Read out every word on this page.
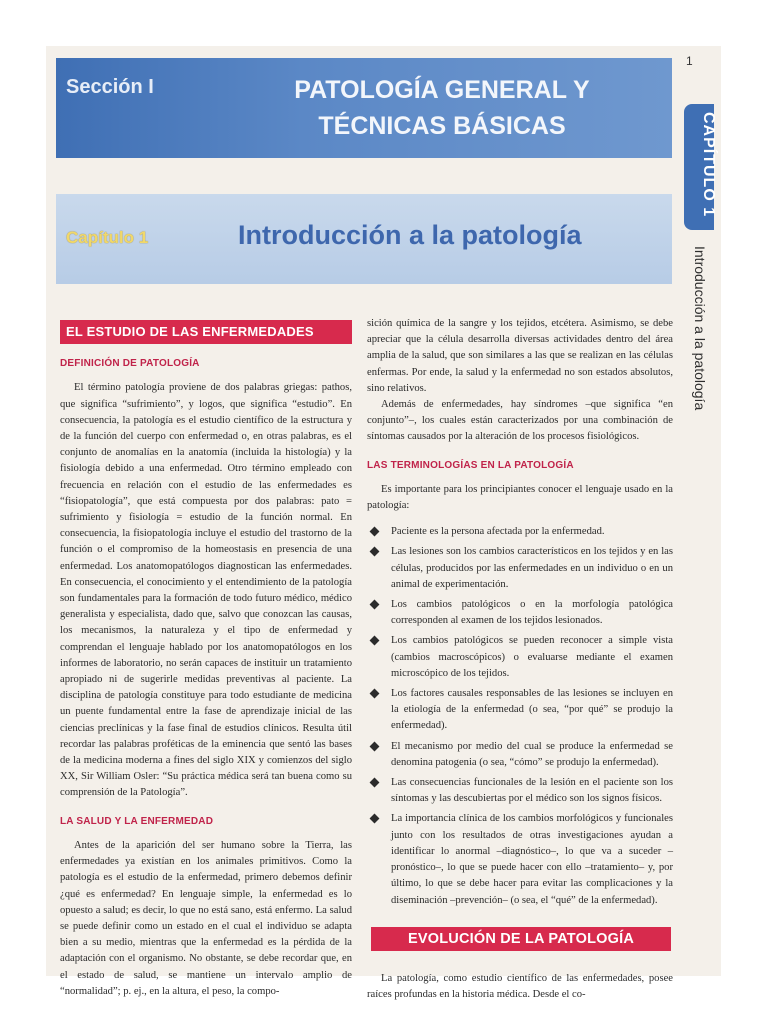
1
Sección I	PATOLOGÍA GENERAL Y
TÉCNICAS BÁSICAS
Capítulo 1	Introducción a la patología
CAPÍTULO 1
Introducción a la patología
EL ESTUDIO DE LAS ENFERMEDADES
DEFINICIÓN DE PATOLOGÍA

El término patología proviene de dos palabras griegas: pathos, que significa “sufrimiento”, y logos, que significa “estudio”. En consecuencia, la patología es el estudio científico de la estructura y de la función del cuerpo con enfermedad o, en otras palabras, es el conjunto de anomalías en la anatomía (incluida la histología) y la fisiología debido a una enfermedad. Otro término empleado con frecuencia en relación con el estudio de las enfermedades es “fisiopatología”, que está compuesta por dos palabras: pato = sufrimiento y fisiología = estudio de la función normal. En consecuencia, la fisiopatología incluye el estudio del trastorno de la función o el compromiso de la homeostasis en presencia de una enfermedad. Los anatomopatólogos diagnostican las enfermedades. En consecuencia, el conocimiento y el entendimiento de la patología son fundamentales para la formación de todo futuro médico, médico generalista y especialista, dado que, salvo que conozcan las causas, los mecanismos, la naturaleza y el tipo de enfermedad y comprendan el lenguaje hablado por los anatomopatólogos en los informes de laboratorio, no serán capaces de instituir un tratamiento apropiado ni de sugerirle medidas preventivas al paciente. La disciplina de patología constituye para todo estudiante de medicina un puente fundamental entre la fase de aprendizaje inicial de las ciencias preclínicas y la fase final de estudios clínicos. Resulta útil recordar las palabras proféticas de la eminencia que sentó las bases de la medicina moderna a fines del siglo XIX y comienzos del siglo XX, Sir William Osler: “Su práctica médica será tan buena como su comprensión de la Patología”.

LA SALUD Y LA ENFERMEDAD

Antes de la aparición del ser humano sobre la Tierra, las enfermedades ya existían en los animales primitivos. Como la patología es el estudio de la enfermedad, primero debemos definir ¿qué es enfermedad? En lenguaje simple, la enfermedad es lo opuesto a salud; es decir, lo que no está sano, está enfermo. La salud se puede definir como un estado en el cual el individuo se adapta bien a su medio, mientras que la enfermedad es la pérdida de la adaptación con el organismo. No obstante, se debe recordar que, en el estado de salud, se mantiene un intervalo amplio de “normalidad”; p. ej., en la altura, el peso, la compo-

sición química de la sangre y los tejidos, etcétera. Asimismo, se debe apreciar que la célula desarrolla diversas actividades dentro del área amplia de la salud, que son similares a las que se realizan en las células enfermas. Por ende, la salud y la enfermedad no son estados absolutos, sino relativos.

Además de enfermedades, hay síndromes –que significa “en conjunto”–, los cuales están caracterizados por una combinación de síntomas causados por la alteración de los procesos fisiológicos.

LAS TERMINOLOGÍAS EN LA PATOLOGÍA

Es importante para los principiantes conocer el lenguaje usado en la patología:

Paciente es la persona afectada por la enfermedad.
Las lesiones son los cambios característicos en los tejidos y en las células, producidos por las enfermedades en un individuo o en un animal de experimentación.
Los cambios patológicos o en la morfología patológica corresponden al examen de los tejidos lesionados.
Los cambios patológicos se pueden reconocer a simple vista (cambios macroscópicos) o evaluarse mediante el examen microscópico de los tejidos.
Los factores causales responsables de las lesiones se incluyen en la etiología de la enfermedad (o sea, “por qué” se produjo la enfermedad).
El mecanismo por medio del cual se produce la enfermedad se denomina patogenia (o sea, “cómo” se produjo la enfermedad).
Las consecuencias funcionales de la lesión en el paciente son los síntomas y las descubiertas por el médico son los signos físicos.
La importancia clínica de los cambios morfológicos y funcionales junto con los resultados de otras investigaciones ayudan a identificar lo anormal –diagnóstico–, lo que va a suceder –pronóstico–, lo que se puede hacer con ello –tratamiento– y, por último, lo que se debe hacer para evitar las complicaciones y la diseminación –prevención– (o sea, el “qué” de la enfermedad).
EVOLUCIÓN DE LA PATOLOGÍA

La patología, como estudio científico de las enfermedades, posee raíces profundas en la historia médica. Desde el co-
